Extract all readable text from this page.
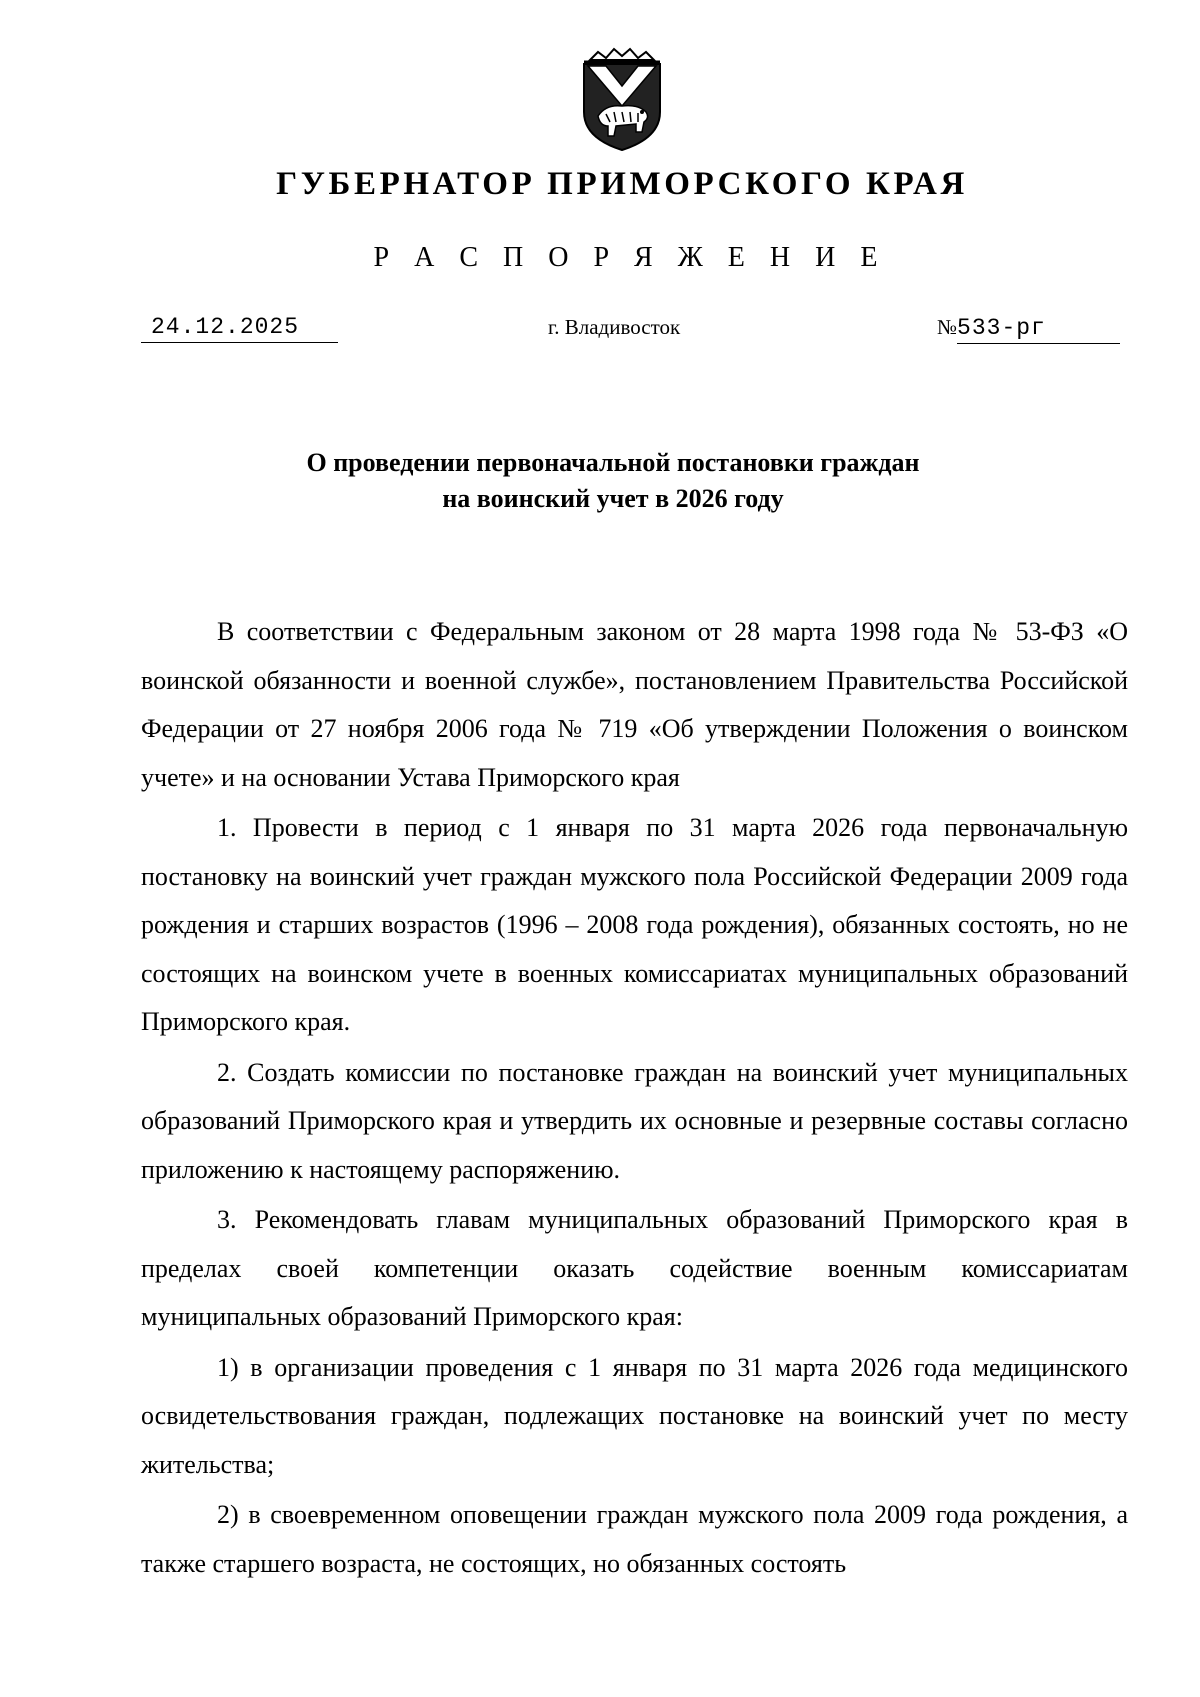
ГУБЕРНАТОР ПРИМОРСКОГО КРАЯ
Р А С П О Р Я Ж Е Н И Е
24.12.2025	г. Владивосток	№533-рг
О проведении первоначальной постановки граждан
на воинский учет в 2026 году

В соответствии с Федеральным законом от 28 марта 1998 года № 53-ФЗ «О воинской обязанности и военной службе», постановлением Правительства Российской Федерации от 27 ноября 2006 года № 719 «Об утверждении Положения о воинском учете» и на основании Устава Приморского края

1. Провести в период с 1 января по 31 марта 2026 года первоначальную постановку на воинский учет граждан мужского пола Российской Федерации 2009 года рождения и старших возрастов (1996 – 2008 года рождения), обязанных состоять, но не состоящих на воинском учете в военных комиссариатах муниципальных образований Приморского края.

2. Создать комиссии по постановке граждан на воинский учет муниципальных образований Приморского края и утвердить их основные и резервные составы согласно приложению к настоящему распоряжению.

3. Рекомендовать главам муниципальных образований Приморского края в пределах своей компетенции оказать содействие военным комиссариатам муниципальных образований Приморского края:

1) в организации проведения с 1 января по 31 марта 2026 года медицинского освидетельствования граждан, подлежащих постановке на воинский учет по месту жительства;

2) в своевременном оповещении граждан мужского пола 2009 года рождения, а также старшего возраста, не состоящих, но обязанных состоять
